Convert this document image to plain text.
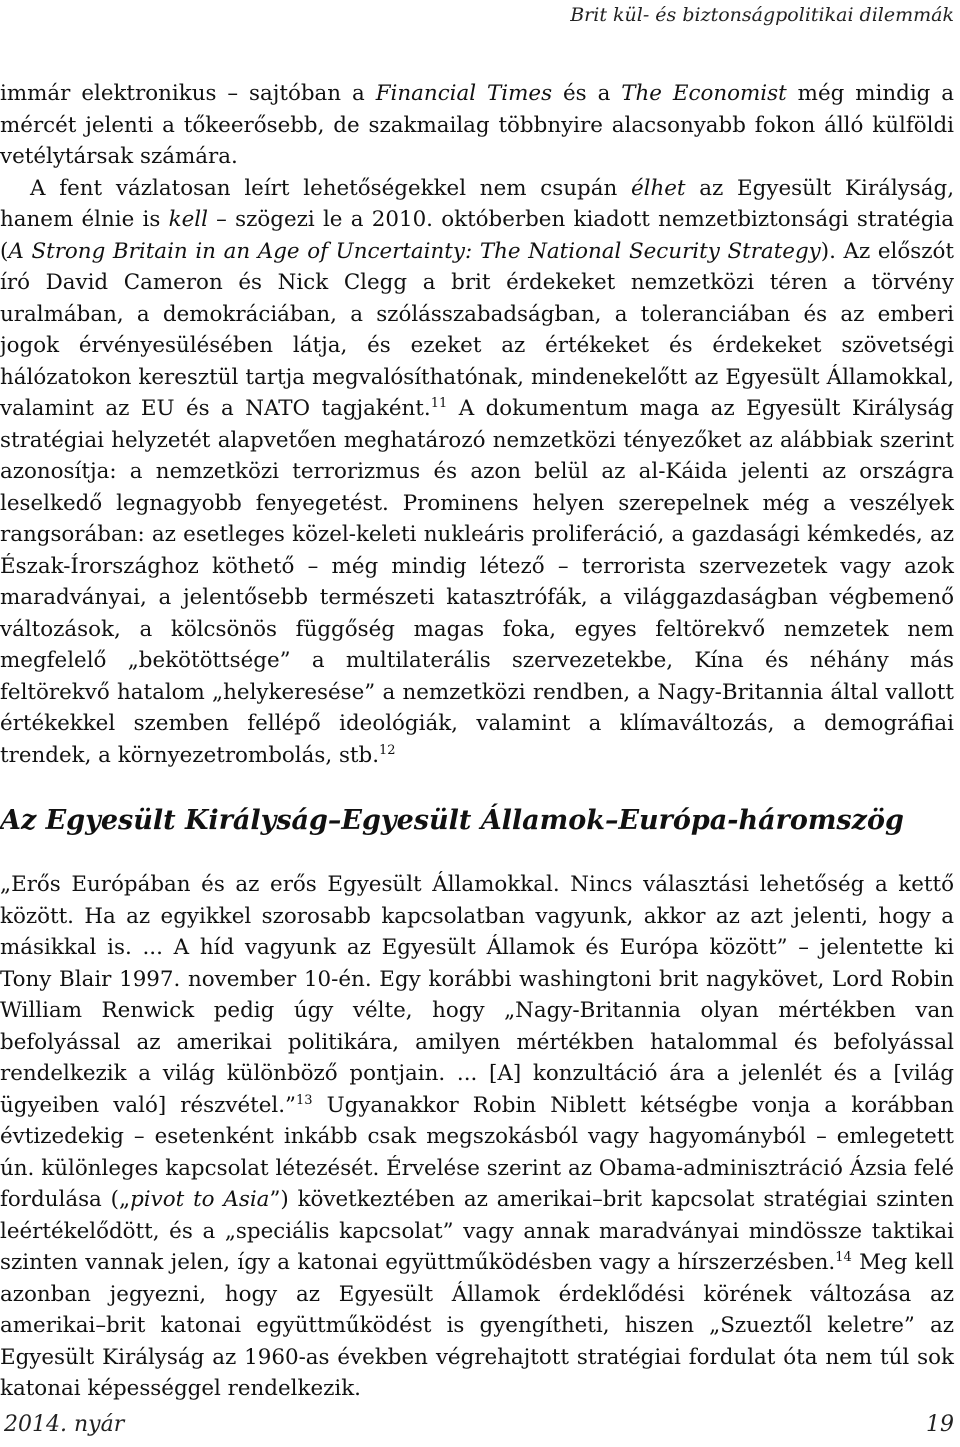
Brit kül- és biztonságpolitikai dilemmák

immár elektronikus – sajtóban a Financial Times és a The Economist még mindig a mércét jelenti a tőkeerősebb, de szakmailag többnyire alacsonyabb fokon álló külföldi vetélytársak számára.

A fent vázlatosan leírt lehetőségekkel nem csupán élhet az Egyesült Királyság, hanem élnie is kell – szögezi le a 2010. októberben kiadott nemzetbiztonsági stratégia (A Strong Britain in an Age of Uncertainty: The National Security Strategy). Az előszót író David Cameron és Nick Clegg a brit érdekeket nemzetközi téren a törvény uralmában, a demokráciában, a szólásszabadságban, a toleranciában és az emberi jogok érvényesülésében látja, és ezeket az értékeket és érdekeket szövetségi hálózatokon keresztül tartja megvalósíthatónak, mindenekelőtt az Egyesült Államokkal, valamint az EU és a NATO tagjaként.$^{11}$ A dokumentum maga az Egyesült Királyság stratégiai helyzetét alapvetően meghatározó nemzetközi tényezőket az alábbiak szerint azonosítja: a nemzetközi terrorizmus és azon belül az al-Káida jelenti az országra leselkedő legnagyobb fenyegetést. Prominens helyen szerepelnek még a veszélyek rangsorában: az esetleges közel-keleti nukleáris proliferáció, a gazdasági kémkedés, az Észak-Írországhoz köthető – még mindig létező – terrorista szervezetek vagy azok maradványai, a jelentősebb természeti katasztrófák, a világgazdaságban végbemenő változások, a kölcsönös függőség magas foka, egyes feltörekvő nemzetek nem megfelelő „bekötöttsége” a multilaterális szervezetekbe, Kína és néhány más feltörekvő hatalom „helykeresése” a nemzetközi rendben, a Nagy-Britannia által vallott értékekkel szemben fellépő ideológiák, valamint a klímaváltozás, a demográfiai trendek, a környezetrombolás, stb.$^{12}$

Az Egyesült Királyság–Egyesült Államok–Európa-háromszög

„Erős Európában és az erős Egyesült Államokkal. Nincs választási lehetőség a kettő között. Ha az egyikkel szorosabb kapcsolatban vagyunk, akkor az azt jelenti, hogy a másikkal is. ... A híd vagyunk az Egyesült Államok és Európa között” – jelentette ki Tony Blair 1997. november 10-én. Egy korábbi washingtoni brit nagykövet, Lord Robin William Renwick pedig úgy vélte, hogy „Nagy-Britannia olyan mértékben van befolyással az amerikai politikára, amilyen mértékben hatalommal és befolyással rendelkezik a világ különböző pontjain. ... [A] konzultáció ára a jelenlét és a [világ ügyeiben való] részvétel.”$^{13}$ Ugyanakkor Robin Niblett kétségbe vonja a korábban évtizedekig – esetenként inkább csak megszokásból vagy hagyományból – emlegetett ún. különleges kapcsolat létezését. Érvelése szerint az Obama-adminisztráció Ázsia felé fordulása („pivot to Asia”) következtében az amerikai–brit kapcsolat stratégiai szinten leértékelődött, és a „speciális kapcsolat” vagy annak maradványai mindössze taktikai szinten vannak jelen, így a katonai együttműködésben vagy a hírszerzésben.$^{14}$ Meg kell azonban jegyezni, hogy az Egyesült Államok érdeklődési körének változása az amerikai–brit katonai együttműködést is gyengítheti, hiszen „Szueztől keletre” az Egyesült Királyság az 1960-as években végrehajtott stratégiai fordulat óta nem túl sok katonai képességgel rendelkezik.

2014. nyár	19
